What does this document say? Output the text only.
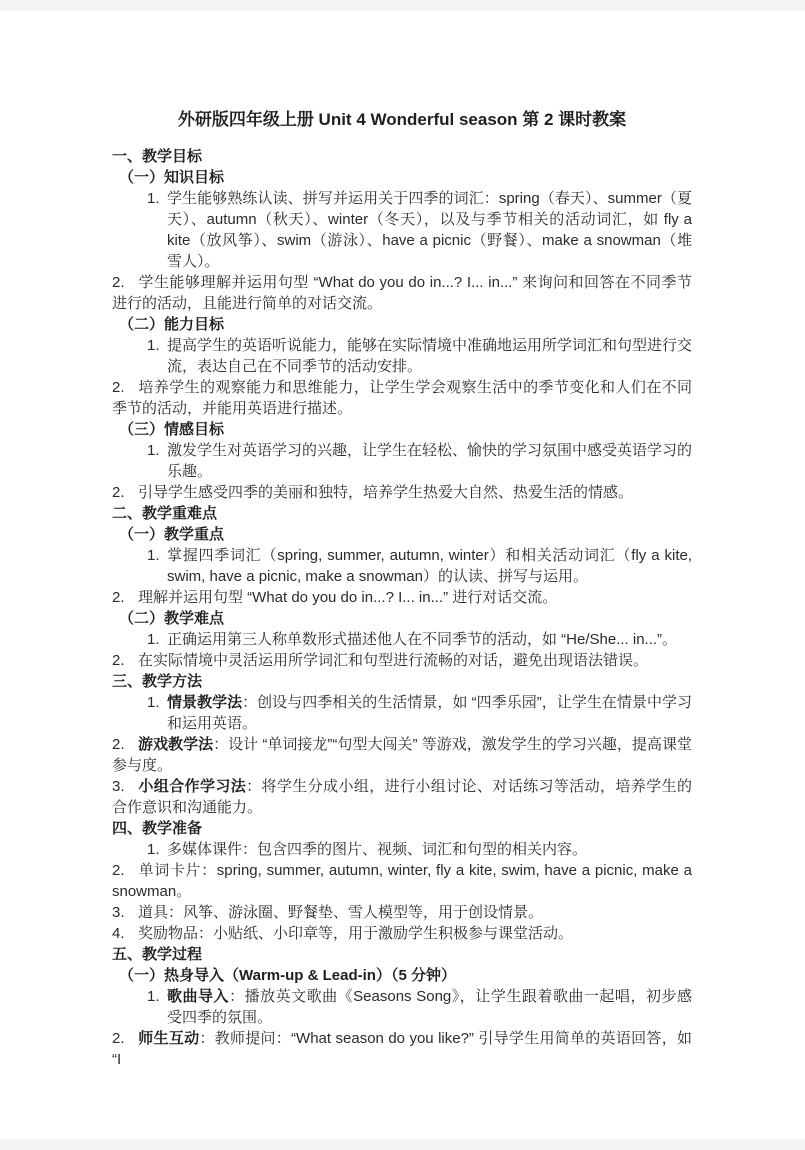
外研版四年级上册 Unit 4 Wonderful season 第 2 课时教案
一、教学目标
（一）知识目标
1. 学生能够熟练认读、拼写并运用关于四季的词汇：spring（春天）、summer（夏天）、autumn（秋天）、winter（冬天），以及与季节相关的活动词汇，如 fly a kite（放风筝）、swim（游泳）、have a picnic（野餐）、make a snowman（堆雪人）。
2. 学生能够理解并运用句型 “What do you do in...? I... in...” 来询问和回答在不同季节进行的活动，且能进行简单的对话交流。
（二）能力目标
1. 提高学生的英语听说能力，能够在实际情境中准确地运用所学词汇和句型进行交流，表达自己在不同季节的活动安排。
2. 培养学生的观察能力和思维能力，让学生学会观察生活中的季节变化和人们在不同季节的活动，并能用英语进行描述。
（三）情感目标
1. 激发学生对英语学习的兴趣，让学生在轻松、愉快的学习氛围中感受英语学习的乐趣。
2. 引导学生感受四季的美丽和独特，培养学生热爱大自然、热爱生活的情感。
二、教学重难点
（一）教学重点
1. 掌握四季词汇（spring, summer, autumn, winter）和相关活动词汇（fly a kite, swim, have a picnic, make a snowman）的认读、拼写与运用。
2. 理解并运用句型 “What do you do in...? I... in...” 进行对话交流。
（二）教学难点
1. 正确运用第三人称单数形式描述他人在不同季节的活动，如 “He/She... in...”。
2. 在实际情境中灵活运用所学词汇和句型进行流畅的对话，避免出现语法错误。
三、教学方法
1. 情景教学法：创设与四季相关的生活情景，如 “四季乐园”，让学生在情景中学习和运用英语。
2. 游戏教学法：设计 “单词接龙”“句型大闯关” 等游戏，激发学生的学习兴趣，提高课堂参与度。
3. 小组合作学习法：将学生分成小组，进行小组讨论、对话练习等活动，培养学生的合作意识和沟通能力。
四、教学准备
1. 多媒体课件：包含四季的图片、视频、词汇和句型的相关内容。
2. 单词卡片：spring, summer, autumn, winter, fly a kite, swim, have a picnic, make a snowman。
3. 道具：风筝、游泳圈、野餐垫、雪人模型等，用于创设情景。
4. 奖励物品：小贴纸、小印章等，用于激励学生积极参与课堂活动。
五、教学过程
（一）热身导入（Warm-up & Lead-in）（5 分钟）
1. 歌曲导入：播放英文歌曲《Seasons Song》，让学生跟着歌曲一起唱，初步感受四季的氛围。
2. 师生互动：教师提问：“What season do you like?” 引导学生用简单的英语回答，如 “I
